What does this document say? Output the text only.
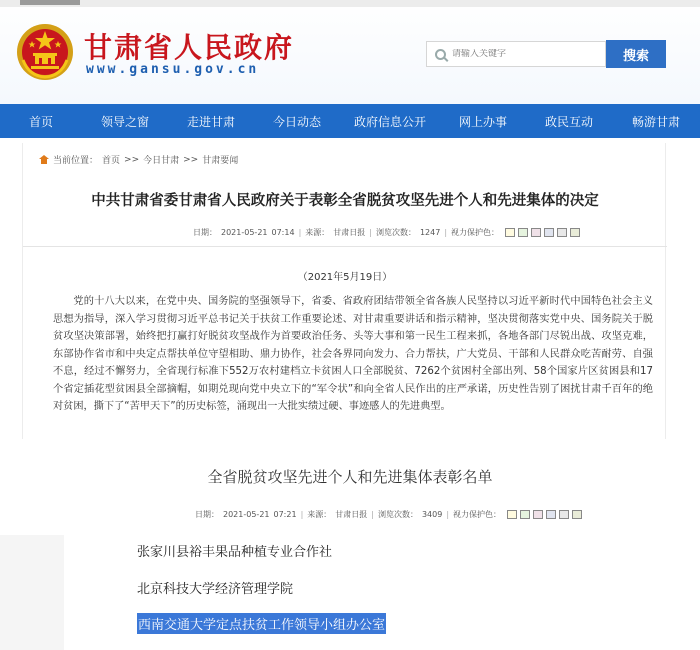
甘肃省人民政府
www.gansu.gov.cn
请输入关键字
搜索
首页	领导之窗	走进甘肃	今日动态	政府信息公开	网上办事	政民互动	畅游甘肃
当前位置： 首页 >> 今日甘肃 >> 甘肃要闻
中共甘肃省委甘肃省人民政府关于表彰全省脱贫攻坚先进个人和先进集体的决定
日期： 2021-05-21 07:14 | 来源： 甘肃日报 | 浏览次数： 1247 | 视力保护色：
（2021年5月19日）
党的十八大以来，在党中央、国务院的坚强领导下，省委、省政府团结带领全省各族人民坚持以习近平新时代中国特色社会主义思想为指导，深入学习贯彻习近平总书记关于扶贫工作重要论述、对甘肃重要讲话和指示精神，坚决贯彻落实党中央、国务院关于脱贫攻坚决策部署，始终把打赢打好脱贫攻坚战作为首要政治任务、头等大事和第一民生工程来抓，各地各部门尽锐出战、攻坚克难，东部协作省市和中央定点帮扶单位守望相助、鼎力协作，社会各界同向发力、合力帮扶，广大党员、干部和人民群众吃苦耐劳、自强不息，经过不懈努力，全省现行标准下552万农村建档立卡贫困人口全部脱贫、7262个贫困村全部出列、58个国家片区贫困县和17个省定插花型贫困县全部摘帽，如期兑现向党中央立下的“军令状”和向全省人民作出的庄严承诺，历史性告别了困扰甘肃千百年的绝对贫困，撕下了“苦甲天下”的历史标签，涌现出一大批实绩过硬、事迹感人的先进典型。
全省脱贫攻坚先进个人和先进集体表彰名单
日期： 2021-05-21 07:21 | 来源： 甘肃日报 | 浏览次数： 3409 | 视力保护色：
张家川县裕丰果品种植专业合作社
北京科技大学经济管理学院
西南交通大学定点扶贫工作领导小组办公室
